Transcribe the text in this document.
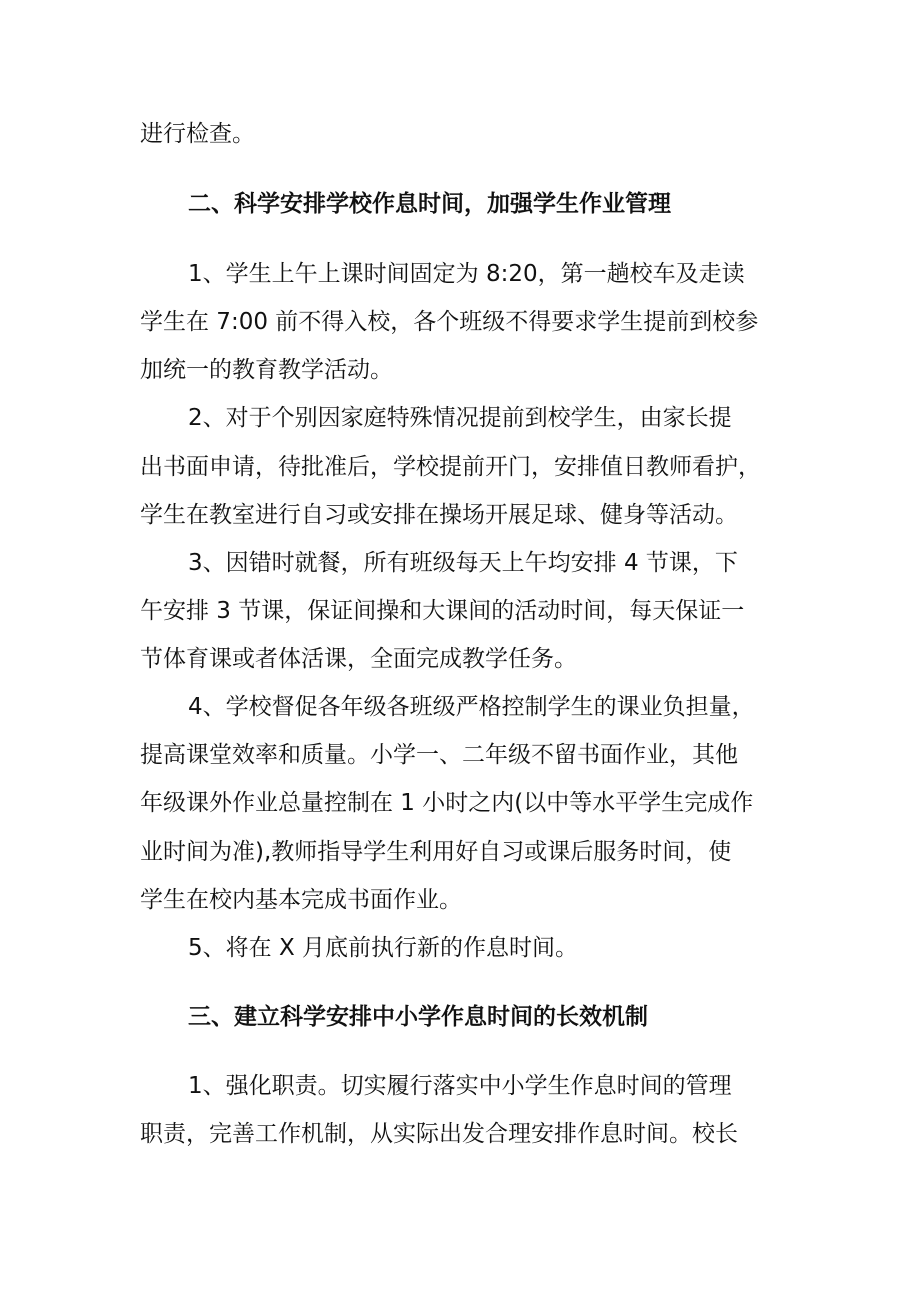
进行检查。
二、科学安排学校作息时间，加强学生作业管理
1、学生上午上课时间固定为 8:20，第一趟校车及走读
学生在 7:00 前不得入校，各个班级不得要求学生提前到校参
加统一的教育教学活动。
2、对于个别因家庭特殊情况提前到校学生，由家长提
出书面申请，待批准后，学校提前开门，安排值日教师看护，
学生在教室进行自习或安排在操场开展足球、健身等活动。
3、因错时就餐，所有班级每天上午均安排 4 节课，下
午安排 3 节课，保证间操和大课间的活动时间，每天保证一
节体育课或者体活课，全面完成教学任务。
4、学校督促各年级各班级严格控制学生的课业负担量，
提高课堂效率和质量。小学一、二年级不留书面作业，其他
年级课外作业总量控制在 1 小时之内(以中等水平学生完成作
业时间为准),教师指导学生利用好自习或课后服务时间，使
学生在校内基本完成书面作业。
5、将在 X 月底前执行新的作息时间。
三、建立科学安排中小学作息时间的长效机制
1、强化职责。切实履行落实中小学生作息时间的管理
职责，完善工作机制，从实际出发合理安排作息时间。校长
